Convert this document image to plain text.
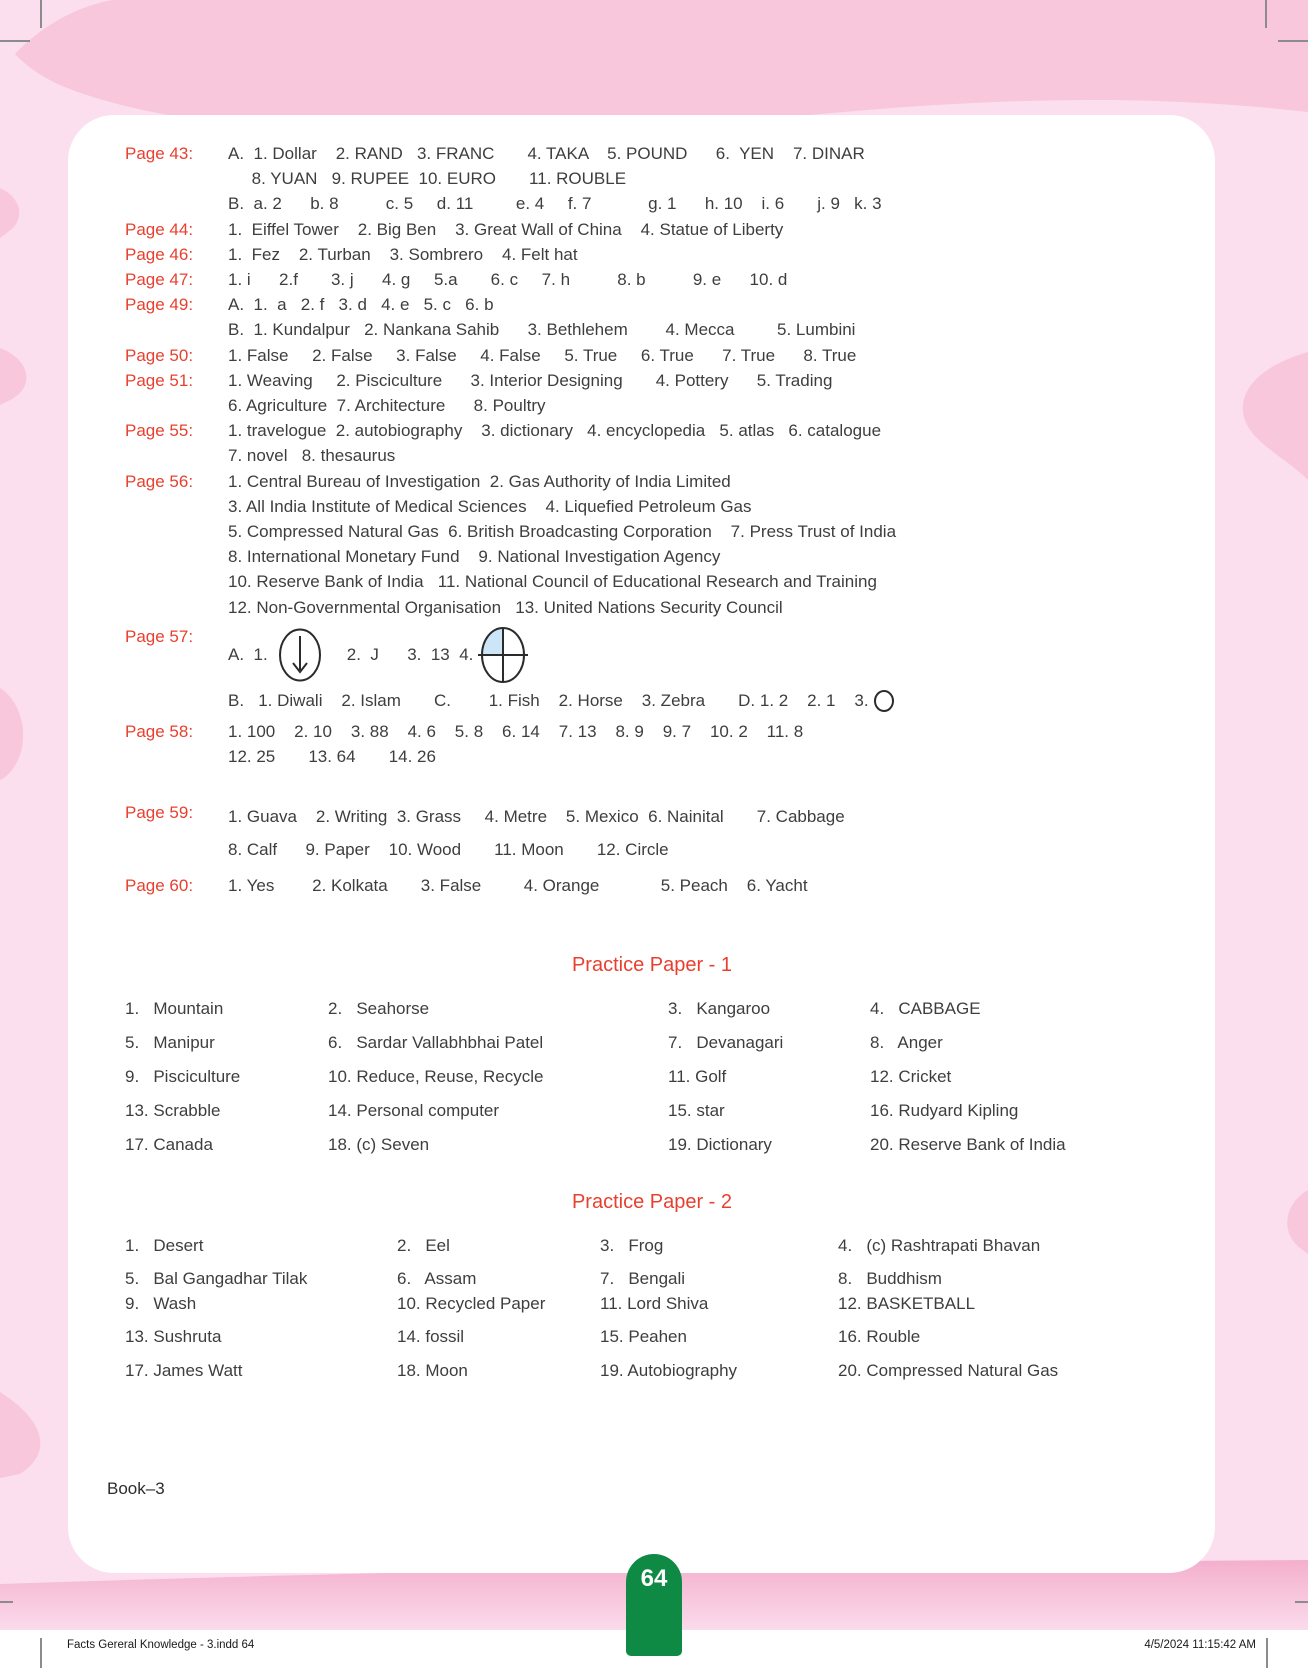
Page 43:	A.  1. Dollar    2. RAND   3. FRANC       4. TAKA    5. POUND      6.  YEN    7. DINAR
8. YUAN   9. RUPEE  10. EURO       11. ROUBLE
B.  a. 2      b. 8          c. 5     d. 11         e. 4     f. 7            g. 1      h. 10    i. 6       j. 9   k. 3
Page 44:	1.  Eiffel Tower    2. Big Ben    3. Great Wall of China    4. Statue of Liberty
Page 46:	1.  Fez    2. Turban    3. Sombrero    4. Felt hat
Page 47:	1. i      2.f       3. j      4. g     5.a       6. c     7. h          8. b          9. e      10. d
Page 49:	A.  1.  a   2. f   3. d   4. e   5. c   6. b
B.  1. Kundalpur   2. Nankana Sahib      3. Bethlehem        4. Mecca         5. Lumbini
Page 50:	1. False     2. False     3. False     4. False     5. True     6. True      7. True      8. True
Page 51:	1. Weaving     2. Pisciculture      3. Interior Designing       4. Pottery      5. Trading
6. Agriculture  7. Architecture      8. Poultry
Page 55:	1. travelogue  2. autobiography    3. dictionary   4. encyclopedia   5. atlas   6. catalogue
7. novel   8. thesaurus
Page 56:	1. Central Bureau of Investigation  2. Gas Authority of India Limited
3. All India Institute of Medical Sciences    4. Liquefied Petroleum Gas
5. Compressed Natural Gas  6. British Broadcasting Corporation    7. Press Trust of India
8. International Monetary Fund    9. National Investigation Agency
10. Reserve Bank of India   11. National Council of Educational Research and Training
12. Non-Governmental Organisation   13. United Nations Security Council
Page 57:
A.  1.	2.  J      3.  13  4.
B.   1. Diwali    2. Islam       C.        1. Fish    2. Horse    3. Zebra       D. 1. 2    2. 1    3.
Page 58:	1. 100    2. 10    3. 88    4. 6    5. 8    6. 14    7. 13    8. 9    9. 7    10. 2    11. 8
12. 25       13. 64       14. 26
Page 59:	1. Guava    2. Writing  3. Grass     4. Metre    5. Mexico  6. Nainital       7. Cabbage
8. Calf      9. Paper    10. Wood       11. Moon       12. Circle
Page 60:	1. Yes        2. Kolkata       3. False         4. Orange             5. Peach    6. Yacht
Practice Paper - 1
1.   Mountain	2.   Seahorse	3.   Kangaroo	4.   CABBAGE
5.   Manipur	6.   Sardar Vallabhbhai Patel	7.   Devanagari	8.   Anger
9.   Pisciculture	10. Reduce, Reuse, Recycle	11. Golf	12. Cricket
13. Scrabble	14. Personal computer	15. star	16. Rudyard Kipling
17. Canada	18. (c) Seven	19. Dictionary	20. Reserve Bank of India
Practice Paper - 2
1.   Desert	2.   Eel	3.   Frog	4.   (c) Rashtrapati Bhavan
5.   Bal Gangadhar Tilak	6.   Assam	7.   Bengali	8.   Buddhism
9.   Wash	10. Recycled Paper	11. Lord Shiva	12. BASKETBALL
13. Sushruta	14. fossil	15. Peahen	16. Rouble
17. James Watt	18. Moon	19. Autobiography	20. Compressed Natural Gas
Book–3
64
Facts Gereral Knowledge - 3.indd 64	4/5/2024 11:15:42 AM
